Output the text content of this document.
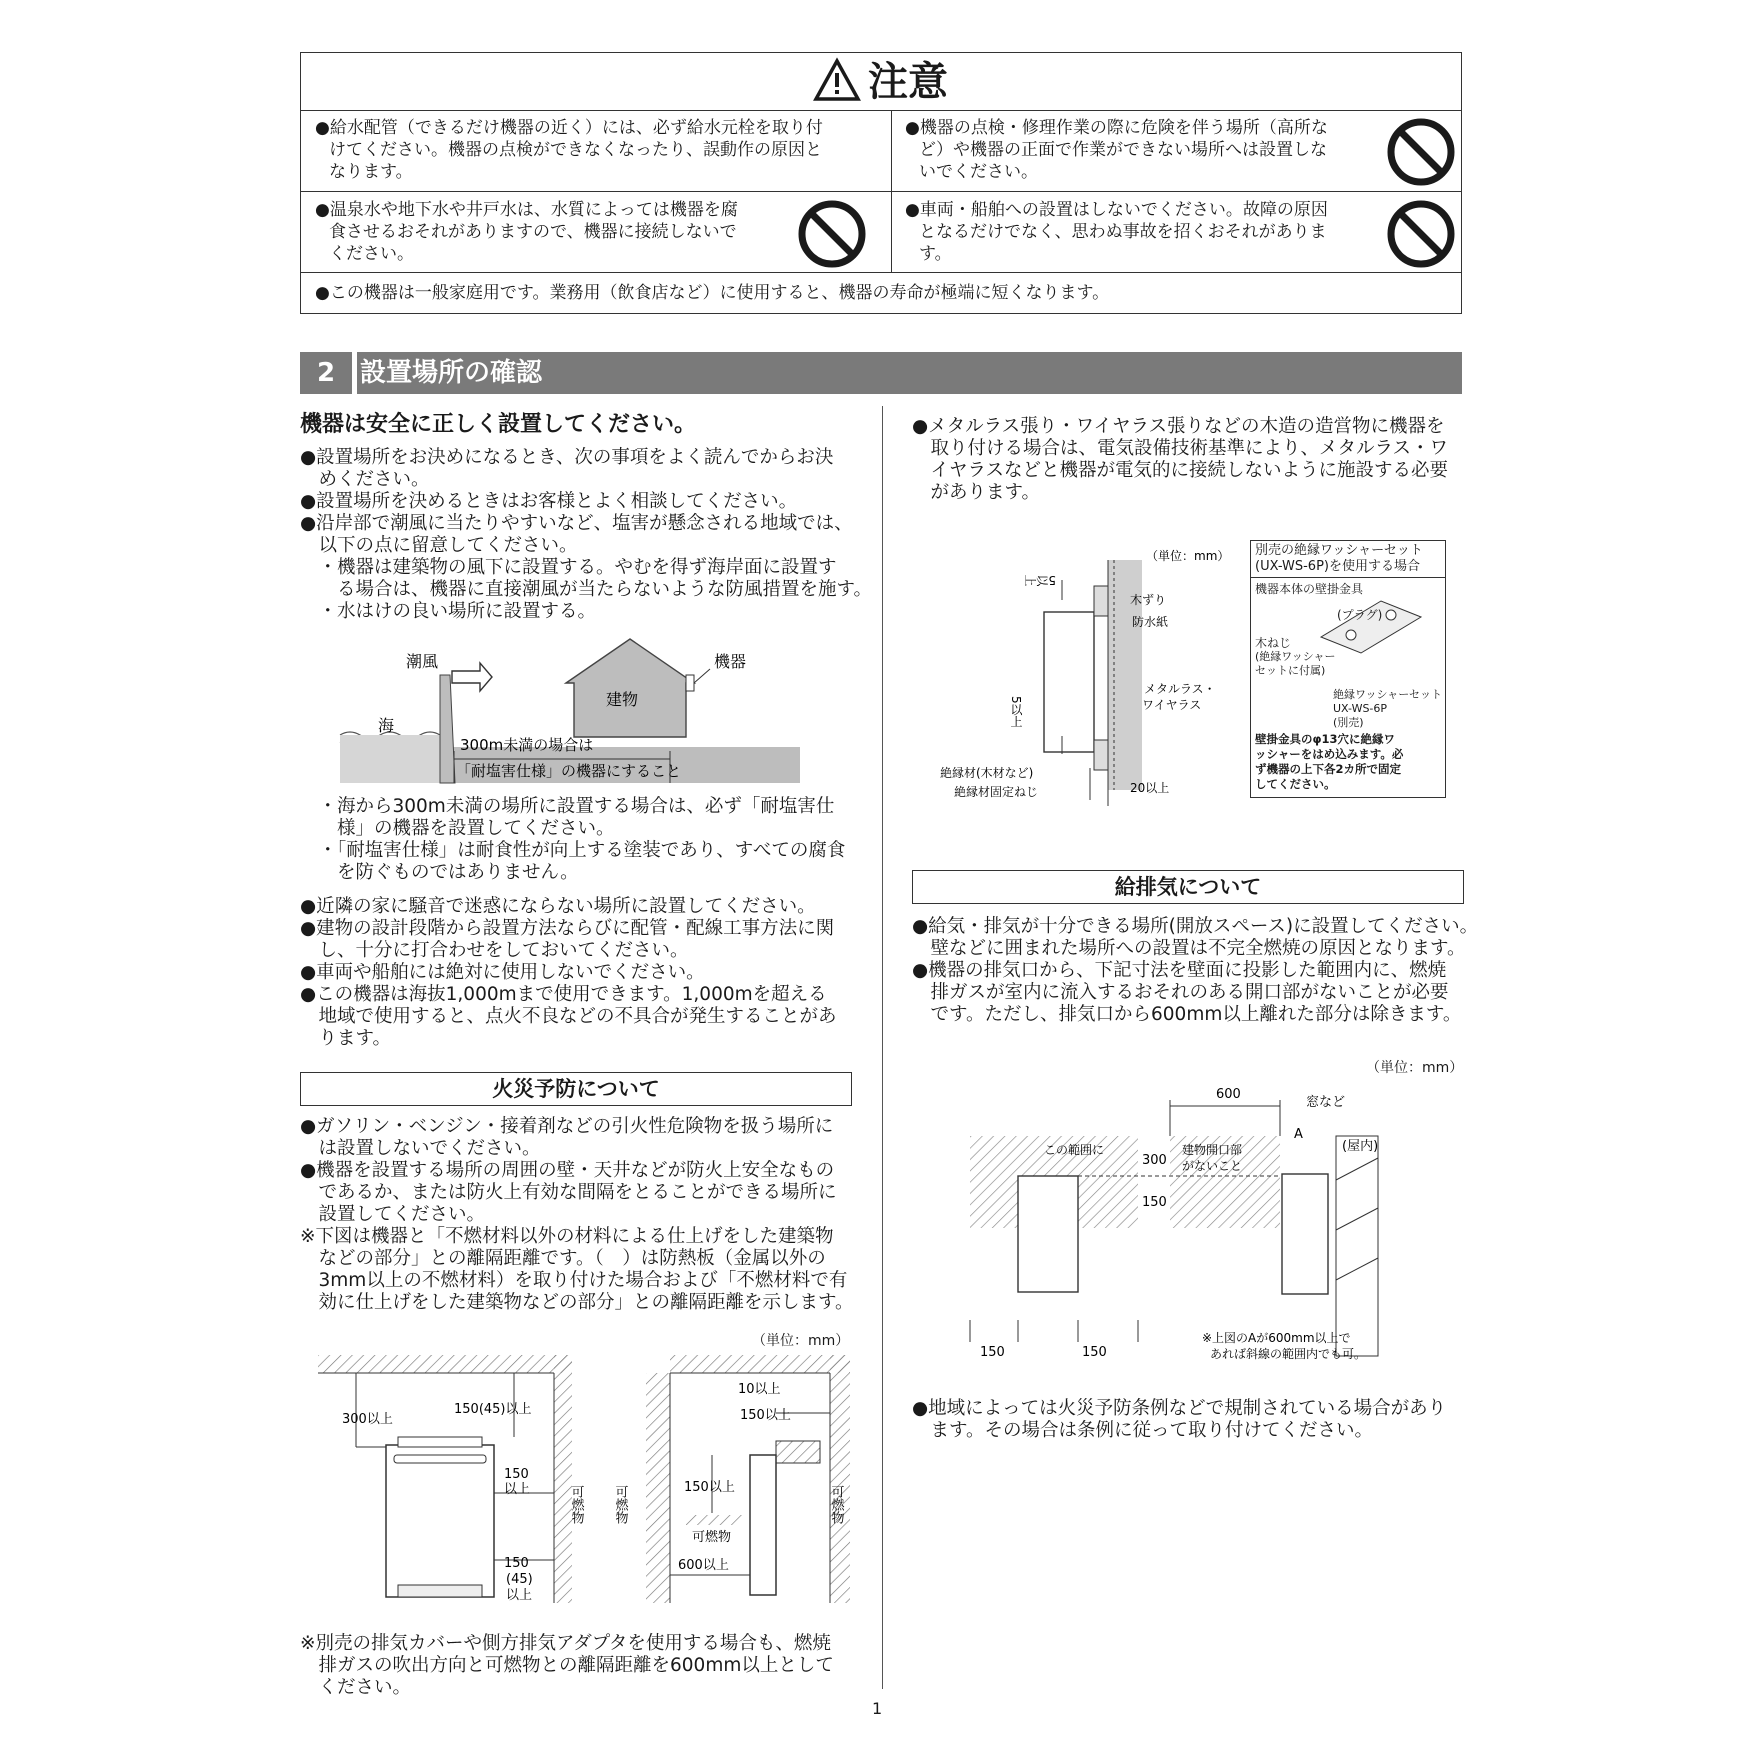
注意
●給水配管（できるだけ機器の近く）には、必ず給水元栓を取り付
けてください。機器の点検ができなくなったり、誤動作の原因と
なります。
●機器の点検・修理作業の際に危険を伴う場所（高所な
ど）や機器の正面で作業ができない場所へは設置しな
いでください。
●温泉水や地下水や井戸水は、水質によっては機器を腐
食させるおそれがありますので、機器に接続しないで
ください。
●車両・船舶への設置はしないでください。故障の原因
となるだけでなく、思わぬ事故を招くおそれがありま
す。
●この機器は一般家庭用です。業務用（飲食店など）に使用すると、機器の寿命が極端に短くなります。
2 設置場所の確認
機器は安全に正しく設置してください。
●設置場所をお決めになるとき、次の事項をよく読んでからお決
　めください。
●設置場所を決めるときはお客様とよく相談してください。
●沿岸部で潮風に当たりやすいなど、塩害が懸念される地域では、
　以下の点に留意してください。
　・機器は建築物の風下に設置する。やむを得ず海岸面に設置す
　　る場合は、機器に直接潮風が当たらないような防風措置を施す。
　・水はけの良い場所に設置する。
潮風
建物
機器
海
300m未満の場合は
「耐塩害仕様」の機器にすること
　・海から300m未満の場所に設置する場合は、必ず「耐塩害仕
　　様」の機器を設置してください。
　・「耐塩害仕様」は耐食性が向上する塗装であり、すべての腐食
　　を防ぐものではありません。
●近隣の家に騒音で迷惑にならない場所に設置してください。
●建物の設計段階から設置方法ならびに配管・配線工事方法に関
　し、十分に打合わせをしておいてください。
●車両や船舶には絶対に使用しないでください。
●この機器は海抜1,000mまで使用できます。1,000mを超える
　地域で使用すると、点火不良などの不具合が発生することがあ
　ります。
火災予防について
●ガソリン・ベンジン・接着剤などの引火性危険物を扱う場所に
　は設置しないでください。
●機器を設置する場所の周囲の壁・天井などが防火上安全なもの
　であるか、または防火上有効な間隔をとることができる場所に
　設置してください。
※下図は機器と「不燃材料以外の材料による仕上げをした建築物
　などの部分」との離隔距離です。（　）は防熱板（金属以外の
　3mm以上の不燃材料）を取り付けた場合および「不燃材料で有
　効に仕上げをした建築物などの部分」との離隔距離を示します。
（単位：mm）
300以上
150(45)以上
150
以上
150
(45)
以上
可燃物
10以上
150以上
150以上
可燃物
600以上
可燃物	可燃物
※別売の排気カバーや側方排気アダプタを使用する場合も、燃焼
　排ガスの吹出方向と可燃物との離隔距離を600mm以上として
　ください。
●メタルラス張り・ワイヤラス張りなどの木造の造営物に機器を
　取り付ける場合は、電気設備技術基準により、メタルラス・ワ
　イヤラスなどと機器が電気的に接続しないように施設する必要
　があります。
5以上
5以上
（単位：mm）
木ずり
防水紙
メタルラス・
ワイヤラス
絶縁材(木材など)
絶縁材固定ねじ	20以上
別売の絶縁ワッシャーセット
(UX-WS-6P)を使用する場合
機器本体の壁掛金具
(プラグ)
木ねじ
(絶縁ワッシャー
セットに付属)
絶縁ワッシャーセット
UX-WS-6P
(別売)
壁掛金具のφ13穴に絶縁ワ
ッシャーをはめ込みます。必
ず機器の上下各2カ所で固定
してください。
給排気について
●給気・排気が十分できる場所(開放スペース)に設置してください。
　壁などに囲まれた場所への設置は不完全燃焼の原因となります。
●機器の排気口から、下記寸法を壁面に投影した範囲内に、燃焼
　排ガスが室内に流入するおそれのある開口部がないことが必要
　です。ただし、排気口から600mm以上離れた部分は除きます。
（単位：mm）
600
窓など
(屋内)
この範囲に
300
建物開口部
がないこと
150
A
150	150
※上図のAが600mm以上で
あれば斜線の範囲内でも可。
●地域によっては火災予防条例などで規制されている場合があり
　ます。その場合は条例に従って取り付けてください。
1
